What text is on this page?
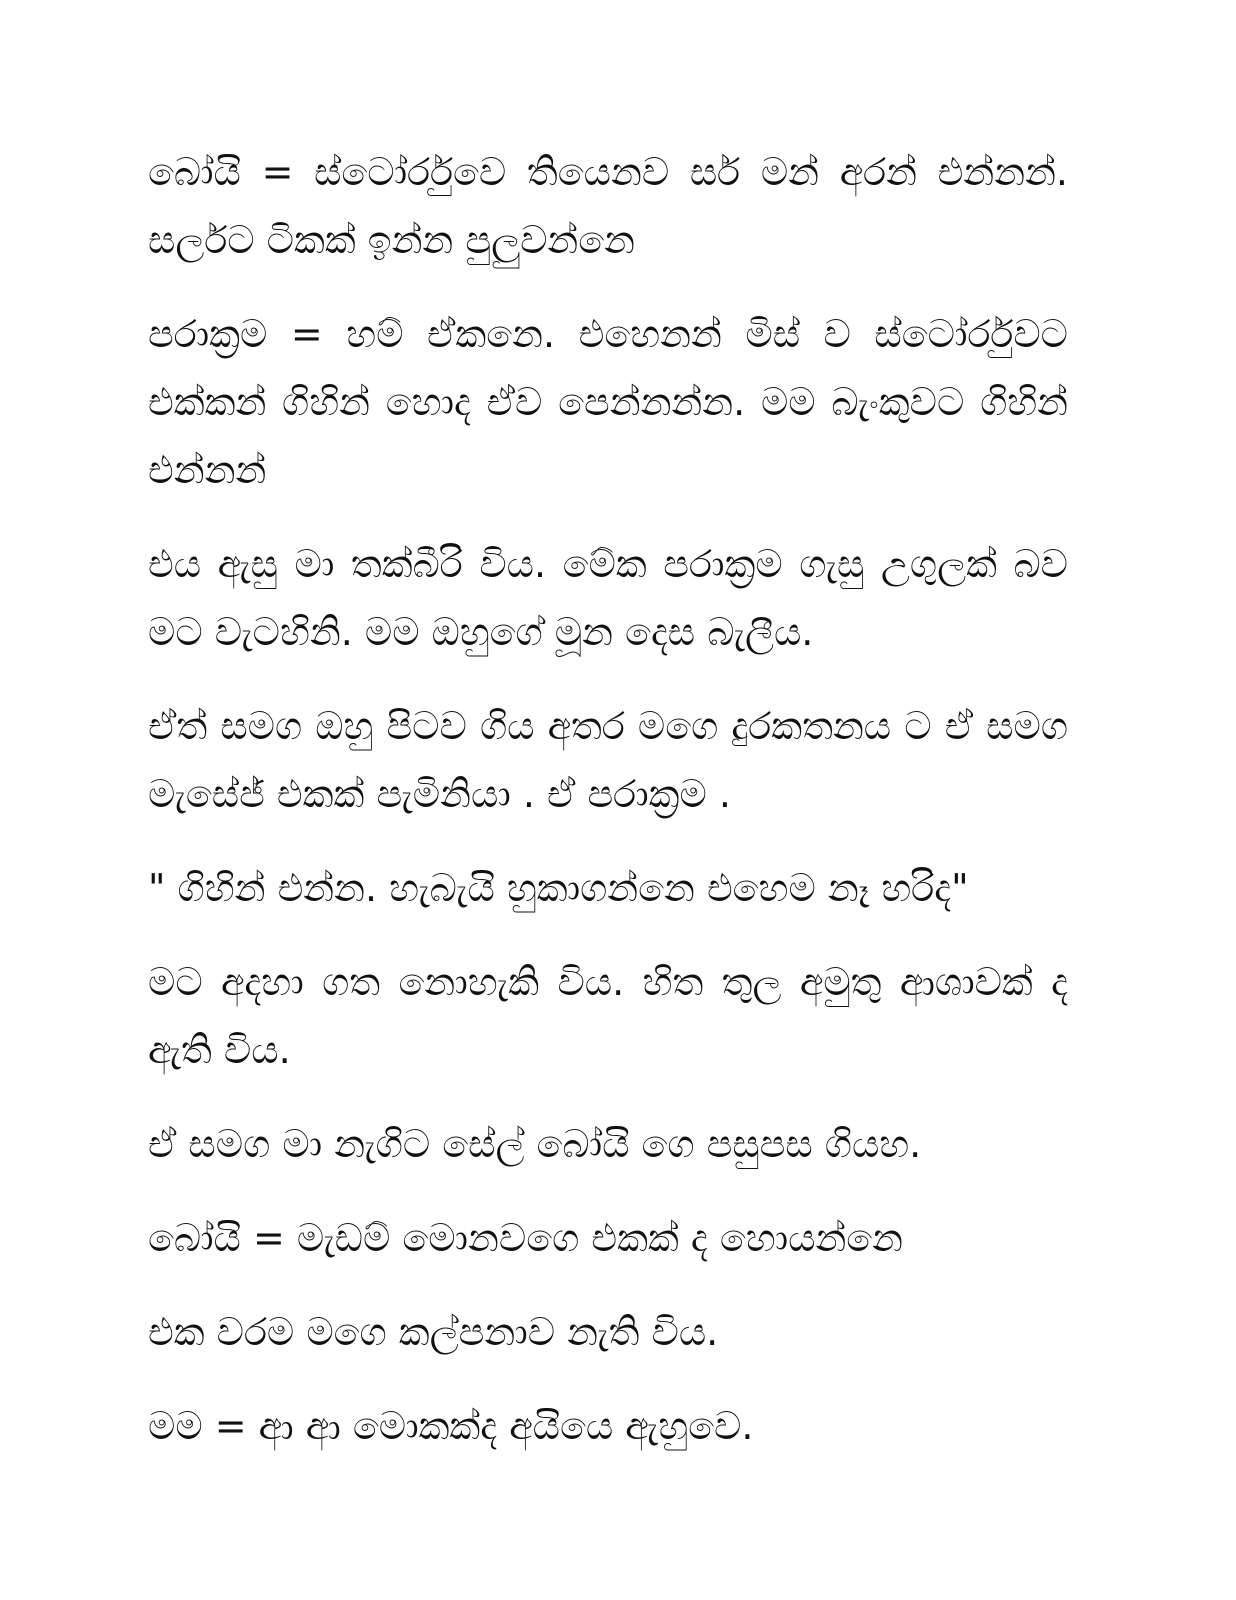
බෝයි = ස්ටෝර්රුවෙ තියෙනව සර් මන් අරන් එන්නන්. සර්ලට ටිකක් ඉන්න පුලුවන්නෙ

පරාක්‍රම = හම් ඒකනෙ. එහෙනන් මිස් ව ස්ටෝර්රුවට එක්කන් ගිහින් හොද ඒව පෙන්නන්න. මම බැංකුවට ගිහින් එන්නන්

එය ඇසු මා තක්බීරි විය. මේක පරාක්‍රම ගැසු උගුලක් බව මට වැටහිනි. මම ඔහුගේ මූන දෙස බැලීය.

ඒත් සමග ඔහු පිටව ගිය අතර මගෙ දුරකතනය ට ඒ සමග මැසේජ් එකක් පැමිනියා . ඒ පරාක්‍රම .

" ගිහින් එන්න. හැබැයි හුකාගන්නෙ එහෙම නෑ හරිද"

මට අදහා ගත නොහැකි විය. හිත තුල අමුතු ආශාවක් ද ඇති විය.

ඒ සමග මා නැගිට සේල් බෝයි ගෙ පසුපස ගියහ.

බෝයි = මැඩම් මොනවගෙ එකක් ද හොයන්නෙ

එක වරම මගෙ කල්පනාව නැති විය.

මම = ආ ආ මොකක්ද අයියෙ ඇහුවෙ.
